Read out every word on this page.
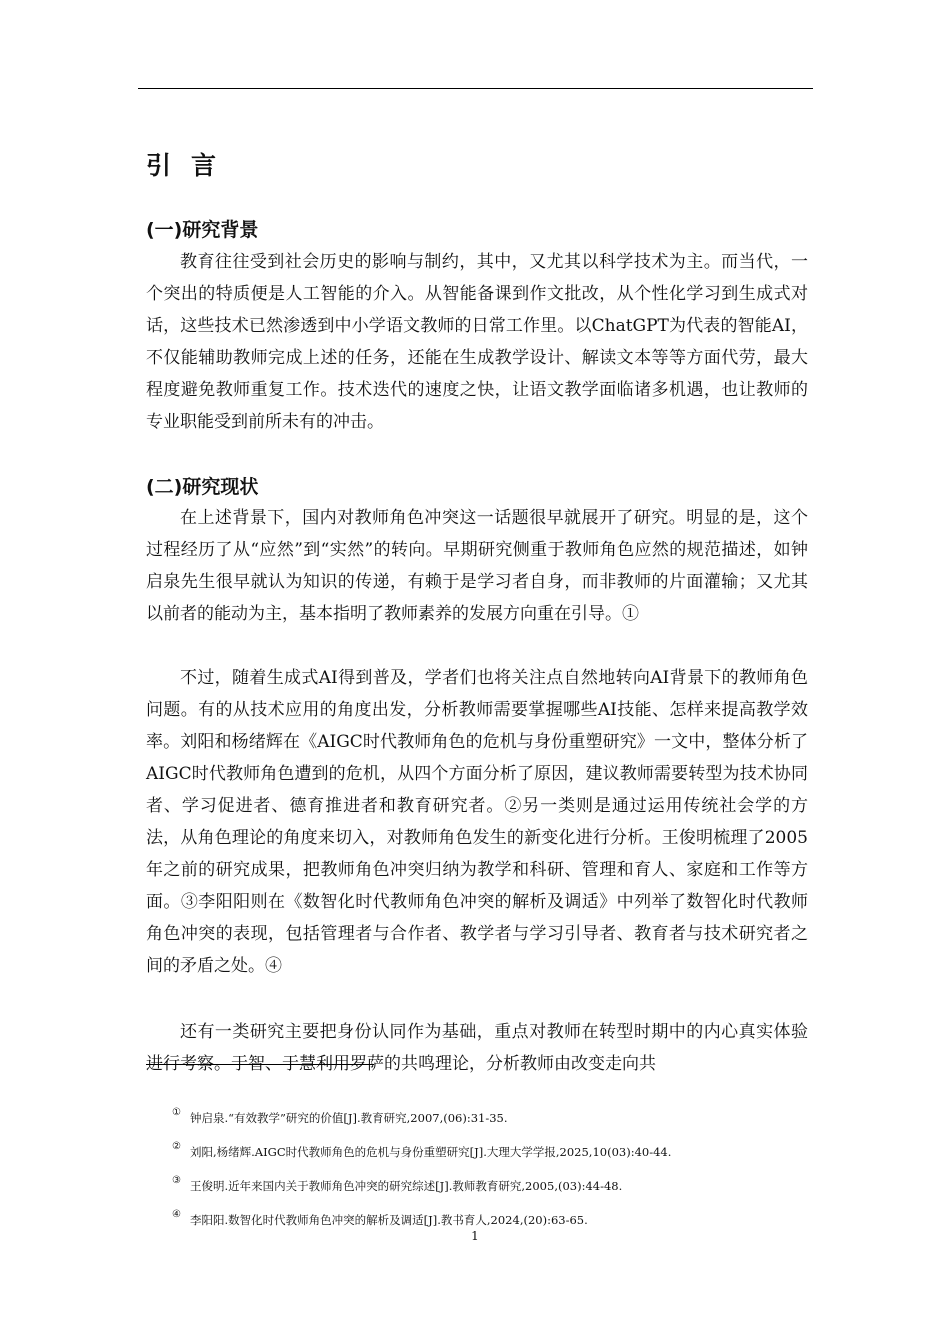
引言
(一)研究背景

教育往往受到社会历史的影响与制约，其中，又尤其以科学技术为主。而当代，一个突出的特质便是人工智能的介入。从智能备课到作文批改，从个性化学习到生成式对话，这些技术已然渗透到中小学语文教师的日常工作里。以ChatGPT为代表的智能AI，不仅能辅助教师完成上述的任务，还能在生成教学设计、解读文本等等方面代劳，最大程度避免教师重复工作。技术迭代的速度之快，让语文教学面临诸多机遇，也让教师的专业职能受到前所未有的冲击。

(二)研究现状

在上述背景下，国内对教师角色冲突这一话题很早就展开了研究。明显的是，这个过程经历了从“应然”到“实然”的转向。早期研究侧重于教师角色应然的规范描述，如钟启泉先生很早就认为知识的传递，有赖于是学习者自身，而非教师的片面灌输；又尤其以前者的能动为主，基本指明了教师素养的发展方向重在引导。①

不过，随着生成式AI得到普及，学者们也将关注点自然地转向AI背景下的教师角色问题。有的从技术应用的角度出发，分析教师需要掌握哪些AI技能、怎样来提高教学效率。刘阳和杨绪辉在《AIGC时代教师角色的危机与身份重塑研究》一文中，整体分析了AIGC时代教师角色遭到的危机，从四个方面分析了原因，建议教师需要转型为技术协同者、学习促进者、德育推进者和教育研究者。②另一类则是通过运用传统社会学的方法，从角色理论的角度来切入，对教师角色发生的新变化进行分析。王俊明梳理了2005年之前的研究成果，把教师角色冲突归纳为教学和科研、管理和育人、家庭和工作等方面。③李阳阳则在《数智化时代教师角色冲突的解析及调适》中列举了数智化时代教师角色冲突的表现，包括管理者与合作者、教学者与学习引导者、教育者与技术研究者之间的矛盾之处。④

还有一类研究主要把身份认同作为基础，重点对教师在转型时期中的内心真实体验进行考察。于智、于慧利用罗萨的共鸣理论，分析教师由改变走向共

① 钟启泉.“有效教学”研究的价值[J].教育研究,2007,(06):31-35.
② 刘阳,杨绪辉.AIGC时代教师角色的危机与身份重塑研究[J].大理大学学报,2025,10(03):40-44.
③ 王俊明.近年来国内关于教师角色冲突的研究综述[J].教师教育研究,2005,(03):44-48.
④ 李阳阳.数智化时代教师角色冲突的解析及调适[J].教书育人,2024,(20):63-65.
1
